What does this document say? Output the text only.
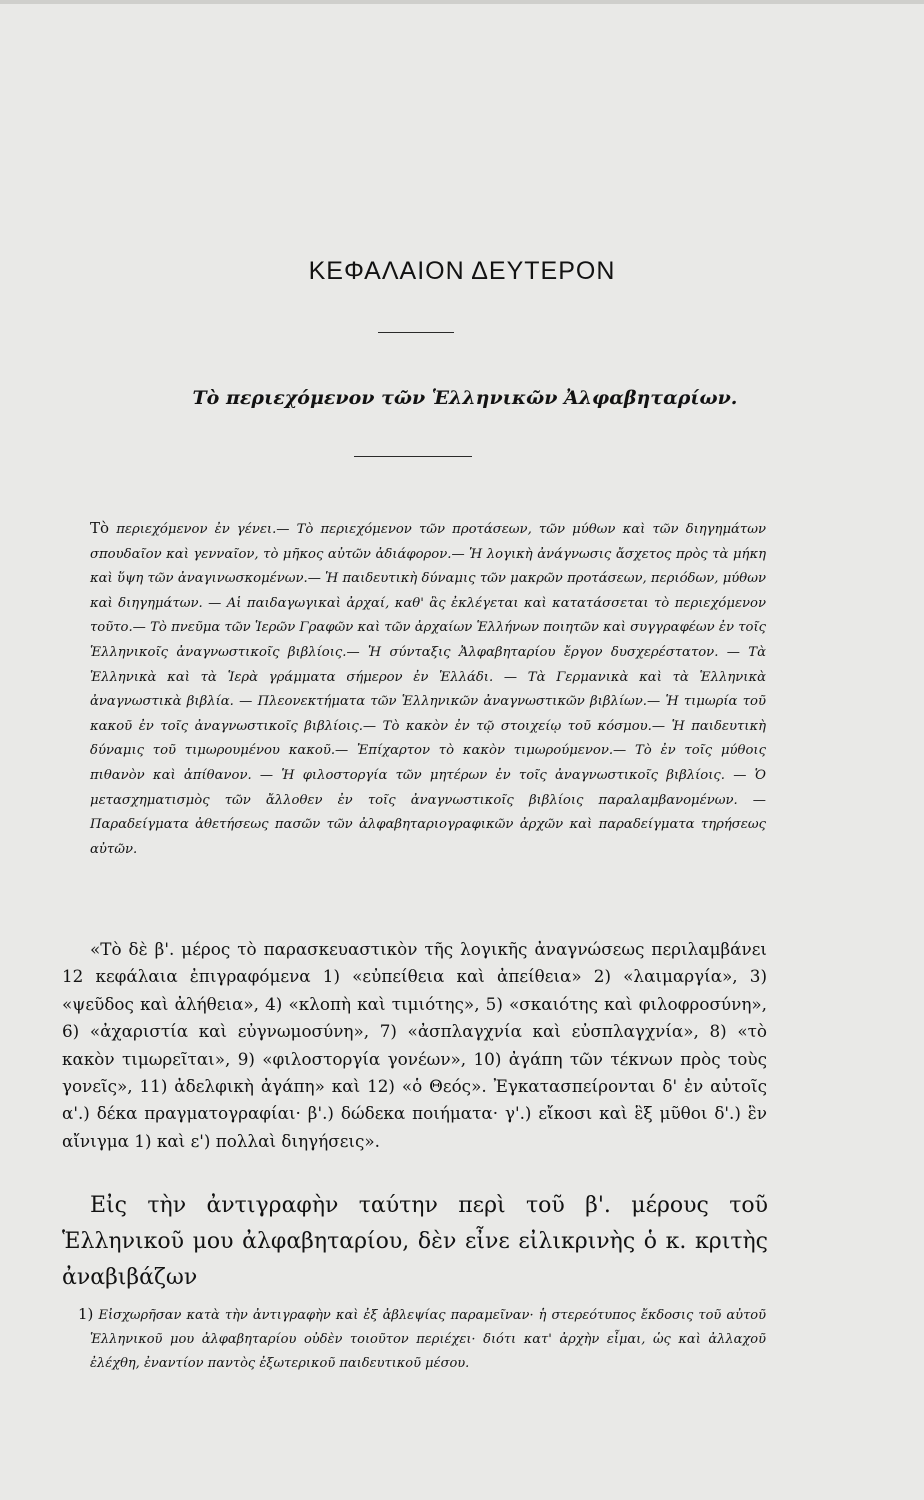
ΚΕΦΑΛΑΙΟΝ ΔΕΥΤΕΡΟΝ
Τὸ περιεχόμενον τῶν Ἑλληνικῶν Ἀλφαβηταρίων.

Τὸ περιεχόμενον ἐν γένει.— Τὸ περιεχόμενον τῶν προτάσεων, τῶν μύθων καὶ τῶν διηγημάτων σπουδαῖον καὶ γενναῖον, τὸ μῆκος αὐτῶν ἀδιάφορον.— Ἡ λογικὴ ἀνάγνωσις ἄσχετος πρὸς τὰ μήκη καὶ ὕψη τῶν ἀναγινωσκομένων.— Ἡ παιδευτικὴ δύναμις τῶν μακρῶν προτάσεων, περιόδων, μύθων καὶ διηγημάτων. — Αἱ παιδαγωγικαὶ ἀρχαί, καθ' ἃς ἐκλέγεται καὶ κατατάσσεται τὸ περιεχόμενον τοῦτο.— Τὸ πνεῦμα τῶν Ἱερῶν Γραφῶν καὶ τῶν ἀρχαίων Ἑλλήνων ποιητῶν καὶ συγγραφέων ἐν τοῖς Ἑλληνικοῖς ἀναγνωστικοῖς βιβλίοις.— Ἡ σύνταξις Ἀλφαβηταρίου ἔργον δυσχερέστατον. — Τὰ Ἑλληνικὰ καὶ τὰ Ἱερὰ γράμματα σήμερον ἐν Ἑλλάδι. — Τὰ Γερμανικὰ καὶ τὰ Ἑλληνικὰ ἀναγνωστικὰ βιβλία. — Πλεονεκτήματα τῶν Ἑλληνικῶν ἀναγνωστικῶν βιβλίων.— Ἡ τιμωρία τοῦ κακοῦ ἐν τοῖς ἀναγνωστικοῖς βιβλίοις.— Τὸ κακὸν ἐν τῷ στοιχείῳ τοῦ κόσμου.— Ἡ παιδευτικὴ δύναμις τοῦ τιμωρουμένου κακοῦ.— Ἐπίχαρτον τὸ κακὸν τιμωρούμενον.— Τὸ ἐν τοῖς μύθοις πιθανὸν καὶ ἀπίθανον. — Ἡ φιλοστοργία τῶν μητέρων ἐν τοῖς ἀναγνωστικοῖς βιβλίοις. — Ὁ μετασχηματισμὸς τῶν ἄλλοθεν ἐν τοῖς ἀναγνωστικοῖς βιβλίοις παραλαμβανομένων. — Παραδείγματα ἀθετήσεως πασῶν τῶν ἀλφαβηταριογραφικῶν ἀρχῶν καὶ παραδείγματα τηρήσεως αὐτῶν.

«Τὸ δὲ β'. μέρος τὸ παρασκευαστικὸν τῆς λογικῆς ἀναγνώσεως περιλαμβάνει 12 κεφάλαια ἐπιγραφόμενα 1) «εὐπείθεια καὶ ἀπείθεια» 2) «λαιμαργία», 3) «ψεῦδος καὶ ἀλήθεια», 4) «κλοπὴ καὶ τιμιότης», 5) «σκαιότης καὶ φιλοφροσύνη», 6) «ἀχαριστία καὶ εὐγνωμοσύνη», 7) «ἀσπλαγχνία καὶ εὐσπλαγχνία», 8) «τὸ κακὸν τιμωρεῖται», 9) «φιλοστοργία γονέων», 10) ἀγάπη τῶν τέκνων πρὸς τοὺς γονεῖς», 11) ἀδελφικὴ ἀγάπη» καὶ 12) «ὁ Θεός». Ἐγκατασπείρονται δ' ἐν αὐτοῖς α'.) δέκα πραγματογραφίαι· β'.) δώδεκα ποιήματα· γ'.) εἴκοσι καὶ ἓξ μῦθοι δ'.) ἓν αἴνιγμα 1) καὶ ε') πολλαὶ διηγήσεις».

Εἰς τὴν ἀντιγραφὴν ταύτην περὶ τοῦ β'. μέρους τοῦ Ἑλληνικοῦ μου ἀλφαβηταρίου, δὲν εἶνε εἰλικρινὴς ὁ κ. κριτὴς ἀναβιβάζων

1) Εἰσχωρῆσαν κατὰ τὴν ἀντιγραφὴν καὶ ἐξ ἀβλεψίας παραμεῖναν· ἡ στερεότυπος ἔκδοσις τοῦ αὐτοῦ Ἑλληνικοῦ μου ἀλφαβηταρίου οὐδὲν τοιοῦτον περιέχει· διότι κατ' ἀρχὴν εἶμαι, ὡς καὶ ἀλλαχοῦ ἐλέχθη, ἐναντίον παντὸς ἐξωτερικοῦ παιδευτικοῦ μέσου.
